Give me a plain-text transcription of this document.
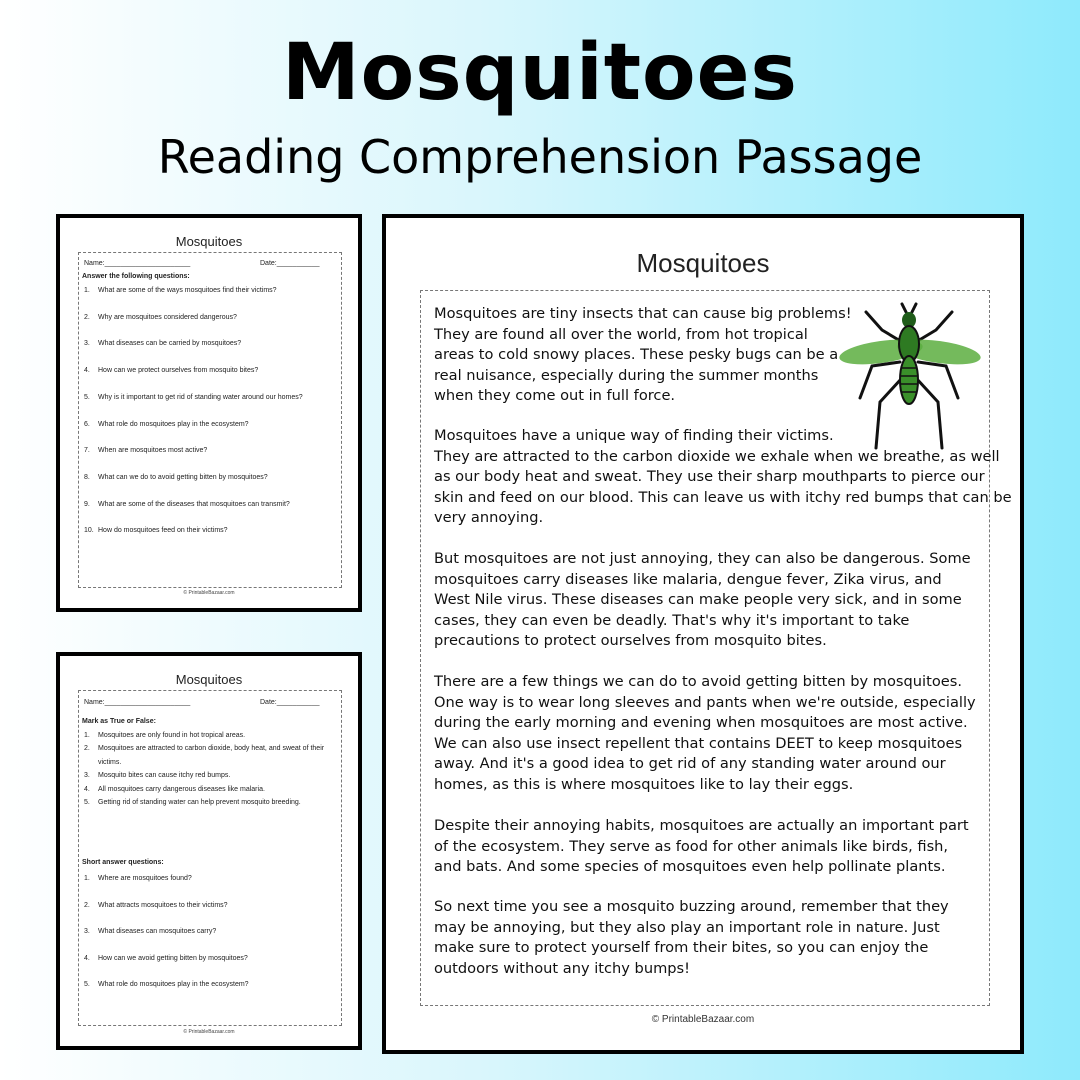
Mosquitoes
Reading Comprehension Passage
Mosquitoes
Name:______________________	Date:___________
Answer the following questions:
1. What are some of the ways mosquitoes find their victims?
2. Why are mosquitoes considered dangerous?
3. What diseases can be carried by mosquitoes?
4. How can we protect ourselves from mosquito bites?
5. Why is it important to get rid of standing water around our homes?
6. What role do mosquitoes play in the ecosystem?
7. When are mosquitoes most active?
8. What can we do to avoid getting bitten by mosquitoes?
9. What are some of the diseases that mosquitoes can transmit?
10. How do mosquitoes feed on their victims?
© PrintableBazaar.com
Mosquitoes
Name:______________________	Date:___________
Mark as True or False:
1. Mosquitoes are only found in hot tropical areas.
2. Mosquitoes are attracted to carbon dioxide, body heat, and sweat of their
victims.
3. Mosquito bites can cause itchy red bumps.
4. All mosquitoes carry dangerous diseases like malaria.
5. Getting rid of standing water can help prevent mosquito breeding.
Short answer questions:
1. Where are mosquitoes found?
2. What attracts mosquitoes to their victims?
3. What diseases can mosquitoes carry?
4. How can we avoid getting bitten by mosquitoes?
5. What role do mosquitoes play in the ecosystem?
© PrintableBazaar.com
Mosquitoes
Mosquitoes are tiny insects that can cause big problems!
They are found all over the world, from hot tropical
areas to cold snowy places. These pesky bugs can be a
real nuisance, especially during the summer months
when they come out in full force.
Mosquitoes have a unique way of finding their victims.
They are attracted to the carbon dioxide we exhale when we breathe, as well
as our body heat and sweat. They use their sharp mouthparts to pierce our
skin and feed on our blood. This can leave us with itchy red bumps that can be
very annoying.

But mosquitoes are not just annoying, they can also be dangerous. Some mosquitoes carry diseases like malaria, dengue fever, Zika virus, and West Nile virus. These diseases can make people very sick, and in some cases, they can even be deadly. That's why it's important to take precautions to protect ourselves from mosquito bites.

There are a few things we can do to avoid getting bitten by mosquitoes. One way is to wear long sleeves and pants when we're outside, especially during the early morning and evening when mosquitoes are most active. We can also use insect repellent that contains DEET to keep mosquitoes away. And it's a good idea to get rid of any standing water around our homes, as this is where mosquitoes like to lay their eggs.

Despite their annoying habits, mosquitoes are actually an important part of the ecosystem. They serve as food for other animals like birds, fish, and bats. And some species of mosquitoes even help pollinate plants.

So next time you see a mosquito buzzing around, remember that they may be annoying, but they also play an important role in nature. Just make sure to protect yourself from their bites, so you can enjoy the outdoors without any itchy bumps!

© PrintableBazaar.com
